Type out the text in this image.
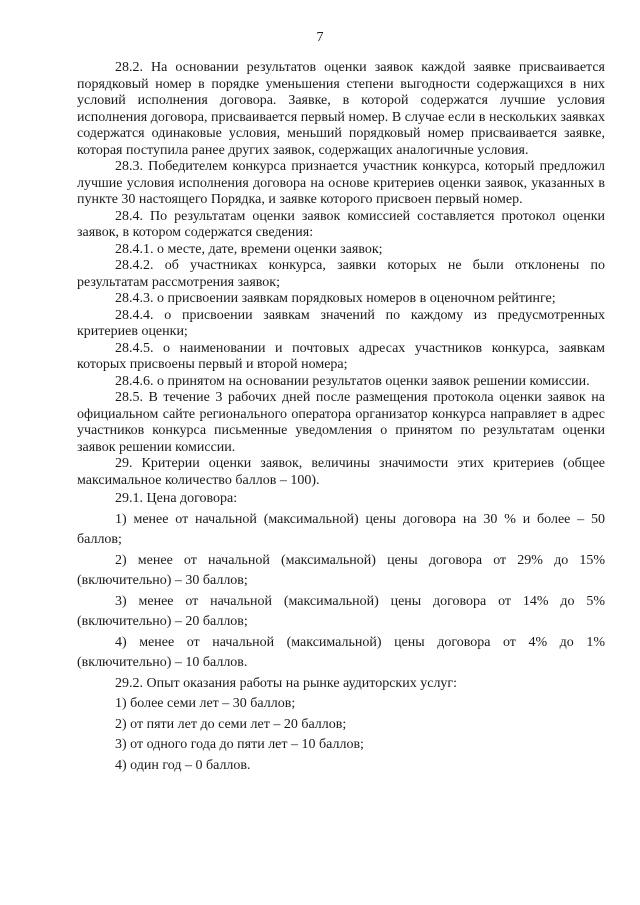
7

28.2. На основании результатов оценки заявок каждой заявке присваивается порядковый номер в порядке уменьшения степени выгодности содержащихся в них условий исполнения договора. Заявке, в которой содержатся лучшие условия исполнения договора, присваивается первый номер. В случае если в нескольких заявках содержатся одинаковые условия, меньший порядковый номер присваивается заявке, которая поступила ранее других заявок, содержащих аналогичные условия.

28.3. Победителем конкурса признается участник конкурса, который предложил лучшие условия исполнения договора на основе критериев оценки заявок, указанных в пункте 30 настоящего Порядка, и заявке которого присвоен первый номер.

28.4. По результатам оценки заявок комиссией составляется протокол оценки заявок, в котором содержатся сведения:

28.4.1. о месте, дате, времени оценки заявок;

28.4.2. об участниках конкурса, заявки которых не были отклонены по результатам рассмотрения заявок;

28.4.3. о присвоении заявкам порядковых номеров в оценочном рейтинге;

28.4.4. о присвоении заявкам значений по каждому из предусмотренных критериев оценки;

28.4.5. о наименовании и почтовых адресах участников конкурса, заявкам которых присвоены первый и второй номера;

28.4.6. о принятом на основании результатов оценки заявок решении комиссии.

28.5. В течение 3 рабочих дней после размещения протокола оценки заявок на официальном сайте регионального оператора организатор конкурса направляет в адрес участников конкурса письменные уведомления о принятом по результатам оценки заявок решении комиссии.

29. Критерии оценки заявок, величины значимости этих критериев (общее максимальное количество баллов – 100).

29.1. Цена договора:

1) менее от начальной (максимальной) цены договора на 30 % и более – 50 баллов;

2) менее от начальной (максимальной) цены договора от 29% до 15% (включительно) – 30 баллов;

3) менее от начальной (максимальной) цены договора от 14% до 5% (включительно) – 20 баллов;

4) менее от начальной (максимальной) цены договора от 4% до 1% (включительно) – 10 баллов.

29.2. Опыт оказания работы на рынке аудиторских услуг:

1) более семи лет – 30 баллов;

2) от пяти лет до семи лет – 20 баллов;

3) от одного года до пяти лет – 10 баллов;

4) один год – 0 баллов.
